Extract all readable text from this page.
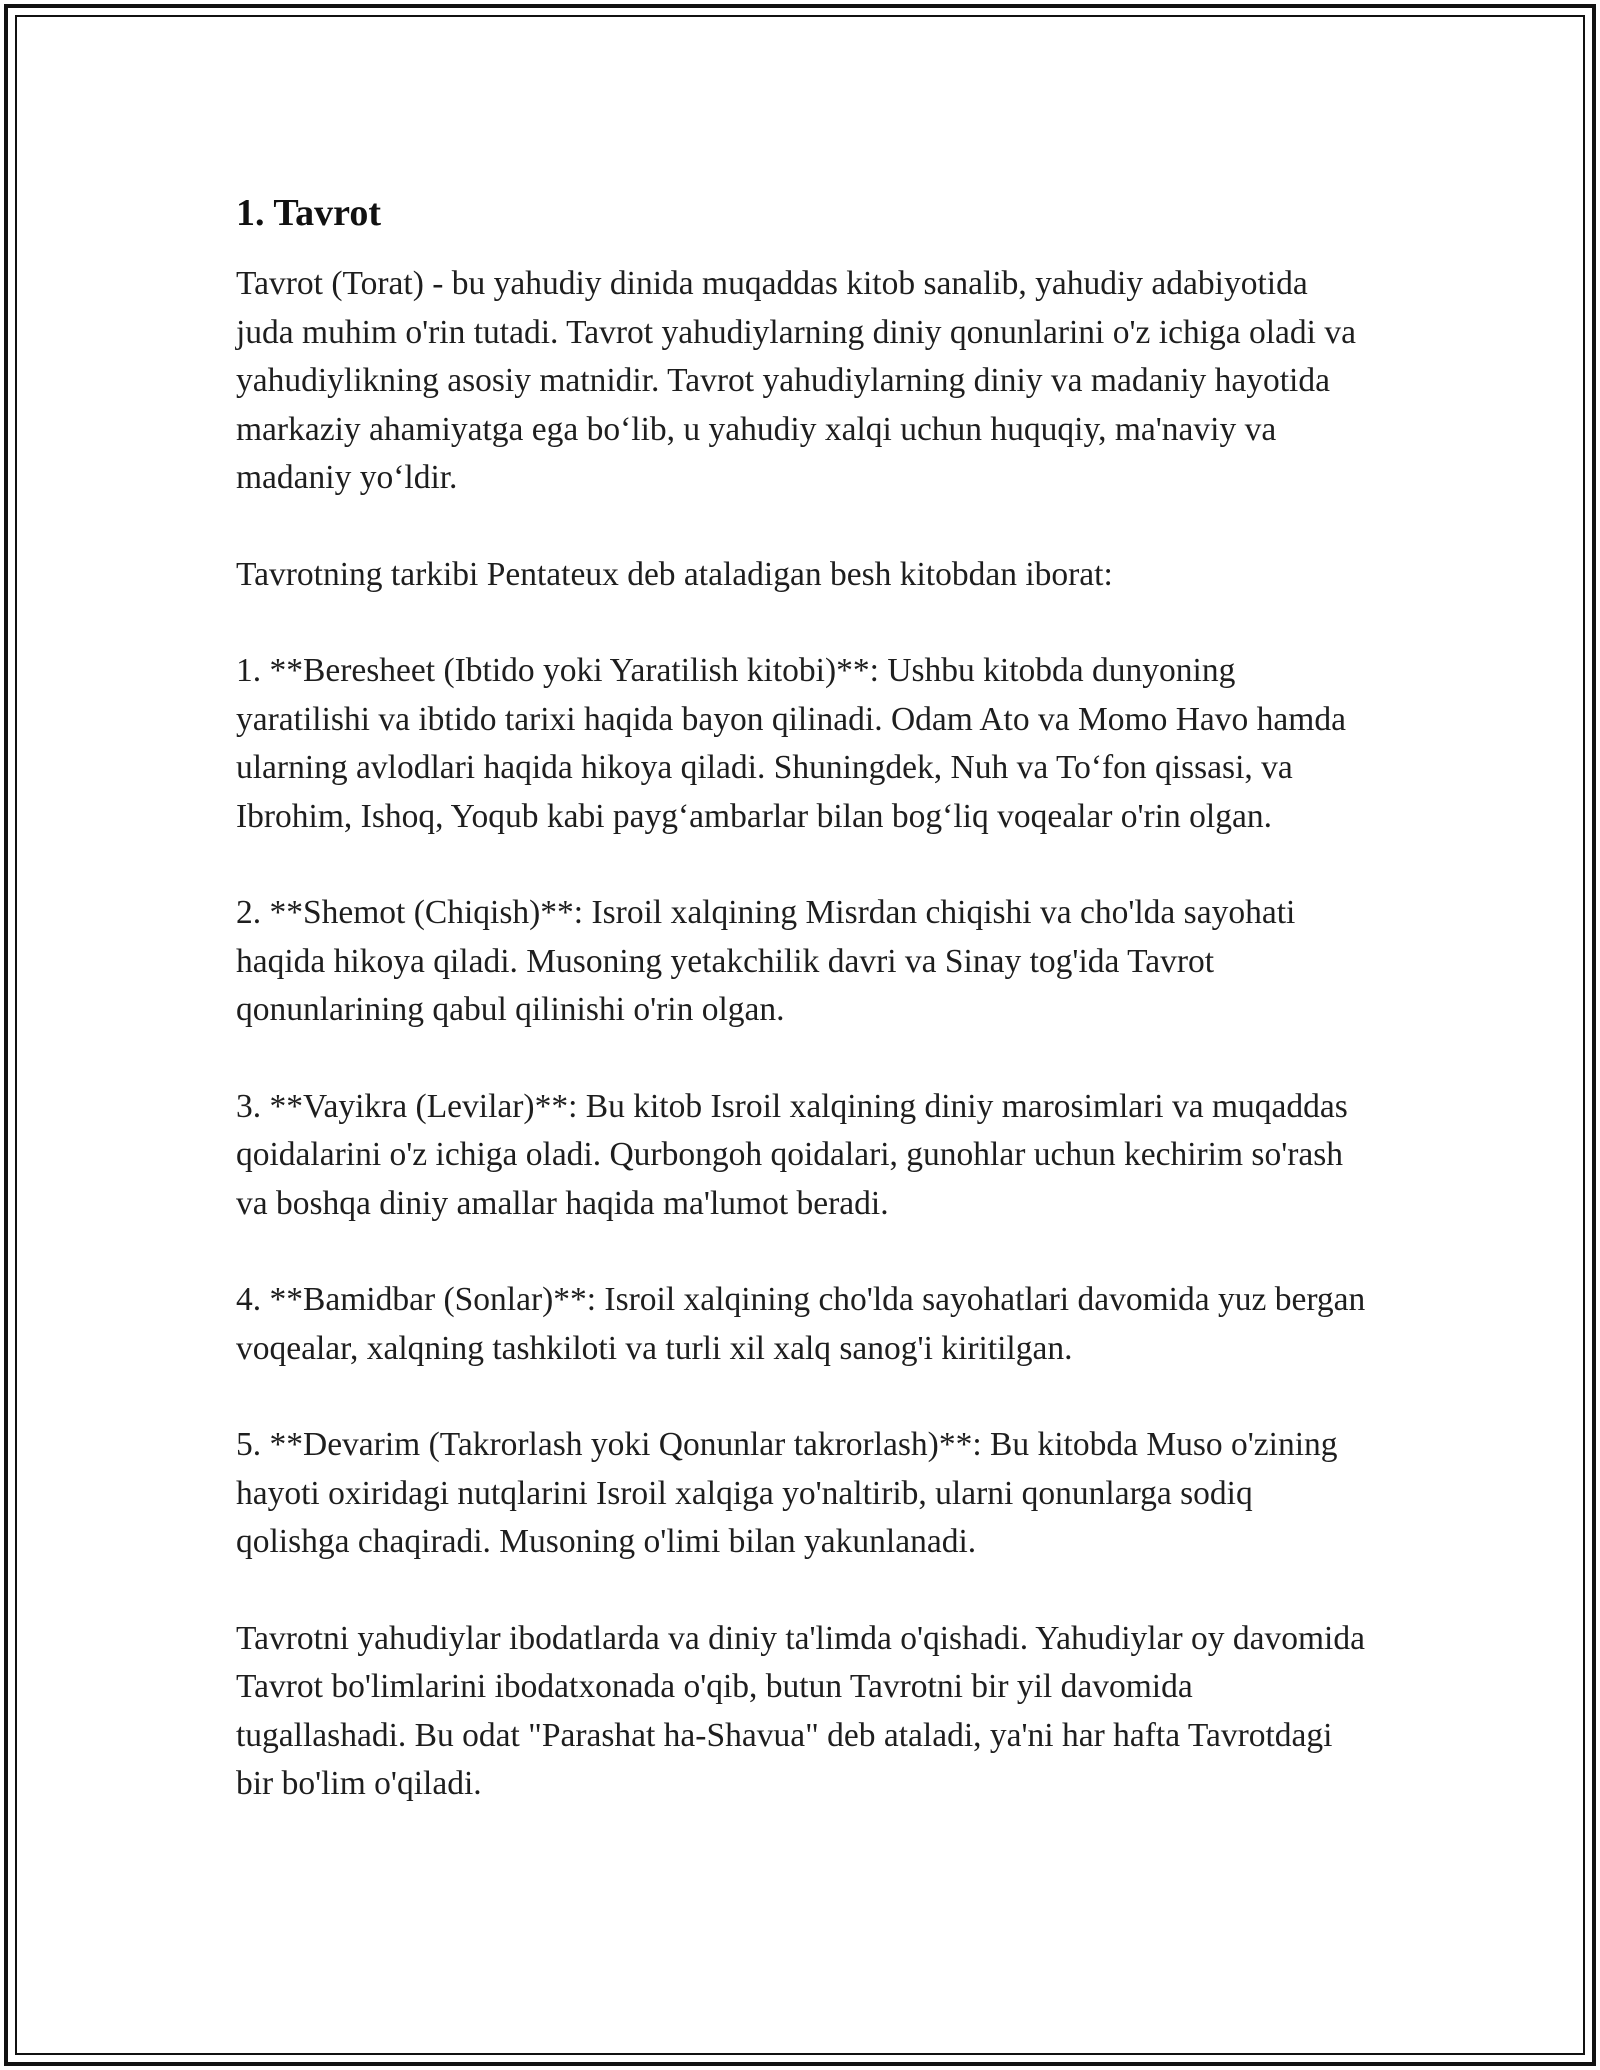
1. Tavrot

Tavrot (Torat) - bu yahudiy dinida muqaddas kitob sanalib, yahudiy adabiyotida juda muhim o'rin tutadi. Tavrot yahudiylarning diniy qonunlarini o'z ichiga oladi va yahudiylikning asosiy matnidir. Tavrot yahudiylarning diniy va madaniy hayotida markaziy ahamiyatga ega bo‘lib, u yahudiy xalqi uchun huquqiy, ma'naviy va madaniy yo‘ldir.

Tavrotning tarkibi Pentateux deb ataladigan besh kitobdan iborat:

1. **Beresheet (Ibtido yoki Yaratilish kitobi)**: Ushbu kitobda dunyoning yaratilishi va ibtido tarixi haqida bayon qilinadi. Odam Ato va Momo Havo hamda ularning avlodlari haqida hikoya qiladi. Shuningdek, Nuh va To‘fon qissasi, va Ibrohim, Ishoq, Yoqub kabi payg‘ambarlar bilan bog‘liq voqealar o'rin olgan.

2. **Shemot (Chiqish)**: Isroil xalqining Misrdan chiqishi va cho'lda sayohati haqida hikoya qiladi. Musoning yetakchilik davri va Sinay tog'ida Tavrot qonunlarining qabul qilinishi o'rin olgan.

3. **Vayikra (Levilar)**: Bu kitob Isroil xalqining diniy marosimlari va muqaddas qoidalarini o'z ichiga oladi. Qurbongoh qoidalari, gunohlar uchun kechirim so'rash va boshqa diniy amallar haqida ma'lumot beradi.

4. **Bamidbar (Sonlar)**: Isroil xalqining cho'lda sayohatlari davomida yuz bergan voqealar, xalqning tashkiloti va turli xil xalq sanog'i kiritilgan.

5. **Devarim (Takrorlash yoki Qonunlar takrorlash)**: Bu kitobda Muso o'zining hayoti oxiridagi nutqlarini Isroil xalqiga yo'naltirib, ularni qonunlarga sodiq qolishga chaqiradi. Musoning o'limi bilan yakunlanadi.

Tavrotni yahudiylar ibodatlarda va diniy ta'limda o'qishadi. Yahudiylar oy davomida Tavrot bo'limlarini ibodatxonada o'qib, butun Tavrotni bir yil davomida tugallashadi. Bu odat "Parashat ha-Shavua" deb ataladi, ya'ni har hafta Tavrotdagi bir bo'lim o'qiladi.
